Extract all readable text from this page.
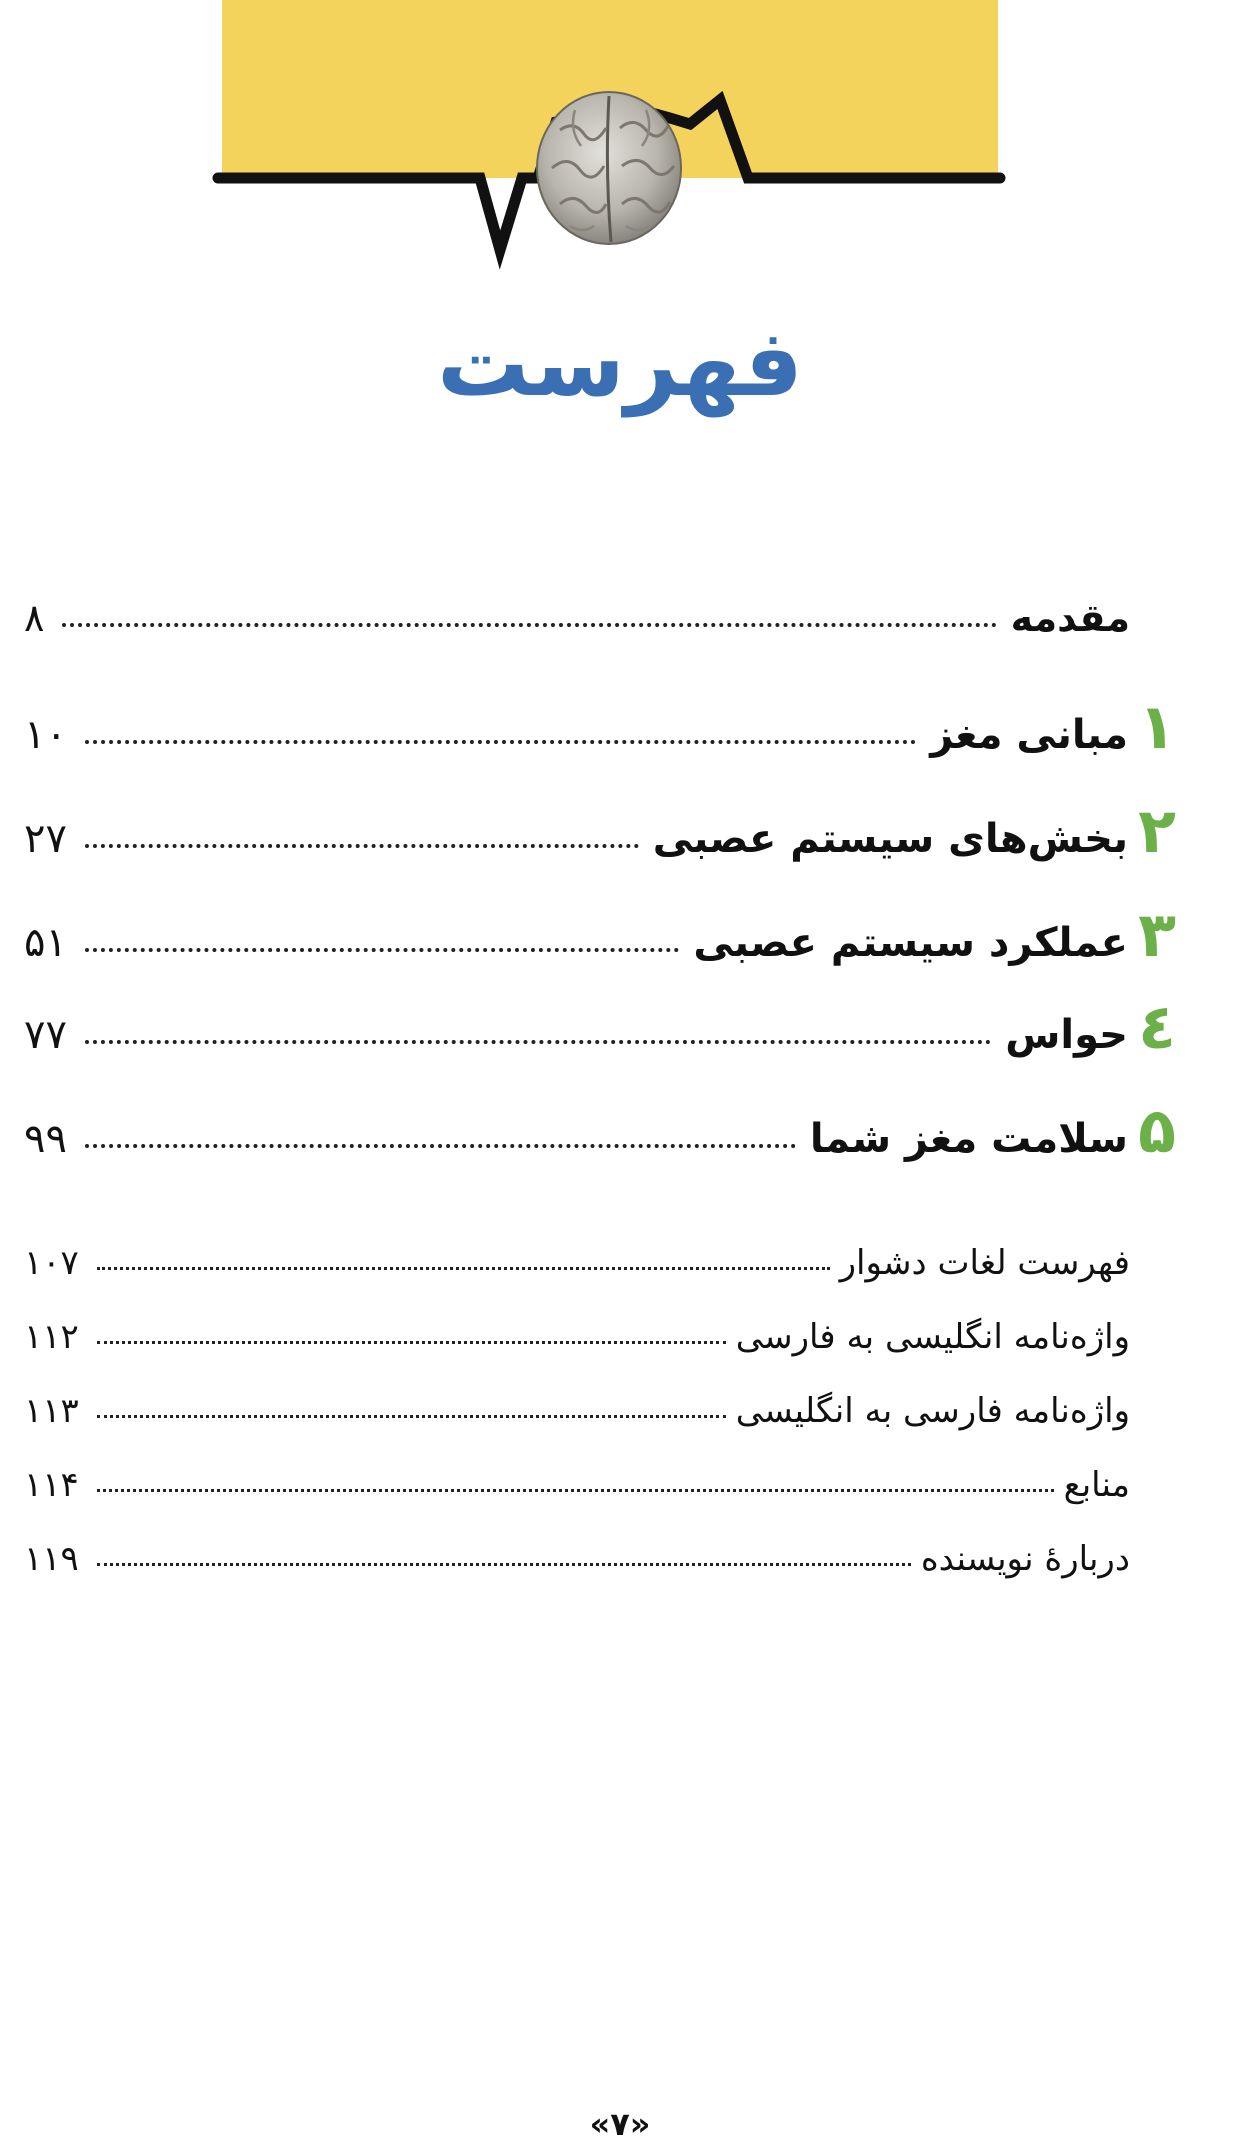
فهرست
۸	مقدمه
۱۰	مبانی مغز ۱
۲۷	بخش‌های سیستم عصبی ۲
۵۱	عملکرد سیستم عصبی ۳
۷۷	حواس ٤
۹۹	سلامت مغز شما ۵
۱۰۷	فهرست لغات دشوار
۱۱۲	واژه‌نامه انگلیسی به فارسی
۱۱۳	واژه‌نامه فارسی به انگلیسی
۱۱۴	منابع
۱۱۹	دربارهٔ نویسنده
«۷»
